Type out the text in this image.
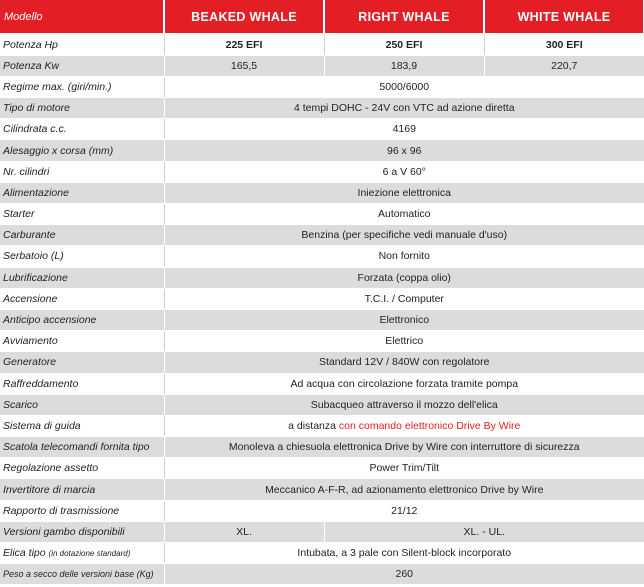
Modello	BEAKED WHALE	RIGHT WHALE	WHITE WHALE
Potenza Hp	225 EFI	250 EFI	300 EFI
Potenza Kw	165,5	183,9	220,7
Regime max. (giri/min.)	5000/6000		
Tipo di motore	4 tempi DOHC - 24V con VTC ad azione diretta		
Cilindrata c.c.	4169		
Alesaggio x corsa (mm)	96 x 96		
Nr. cilindri	6 a V 60°		
Alimentazione	Iniezione elettronica		
Starter	Automatico		
Carburante	Benzina (per specifiche vedi manuale d'uso)		
Serbatoio (L)	Non fornito		
Lubrificazione	Forzata (coppa olio)		
Accensione	T.C.I. / Computer		
Anticipo accensione	Elettronico		
Avviamento	Elettrico		
Generatore	Standard 12V / 840W con regolatore		
Raffreddamento	Ad acqua con circolazione forzata tramite pompa		
Scarico	Subacqueo attraverso il mozzo dell'elica		
Sistema di guida	a distanza con comando elettronico Drive By Wire		
Scatola telecomandi fornita tipo	Monoleva a chiesuola elettronica Drive by Wire con interruttore di sicurezza		
Regolazione assetto	Power Trim/Tilt		
Invertitore di marcia	Meccanico A-F-R, ad azionamento elettronico Drive by Wire		
Rapporto di trasmissione	21/12		
Versioni gambo disponibili	XL.	XL. - UL.	
Elica tipo (in dotazione standard)	Intubata, a 3 pale con Silent-block incorporato		
Peso a secco delle versioni base (Kg)	260		
